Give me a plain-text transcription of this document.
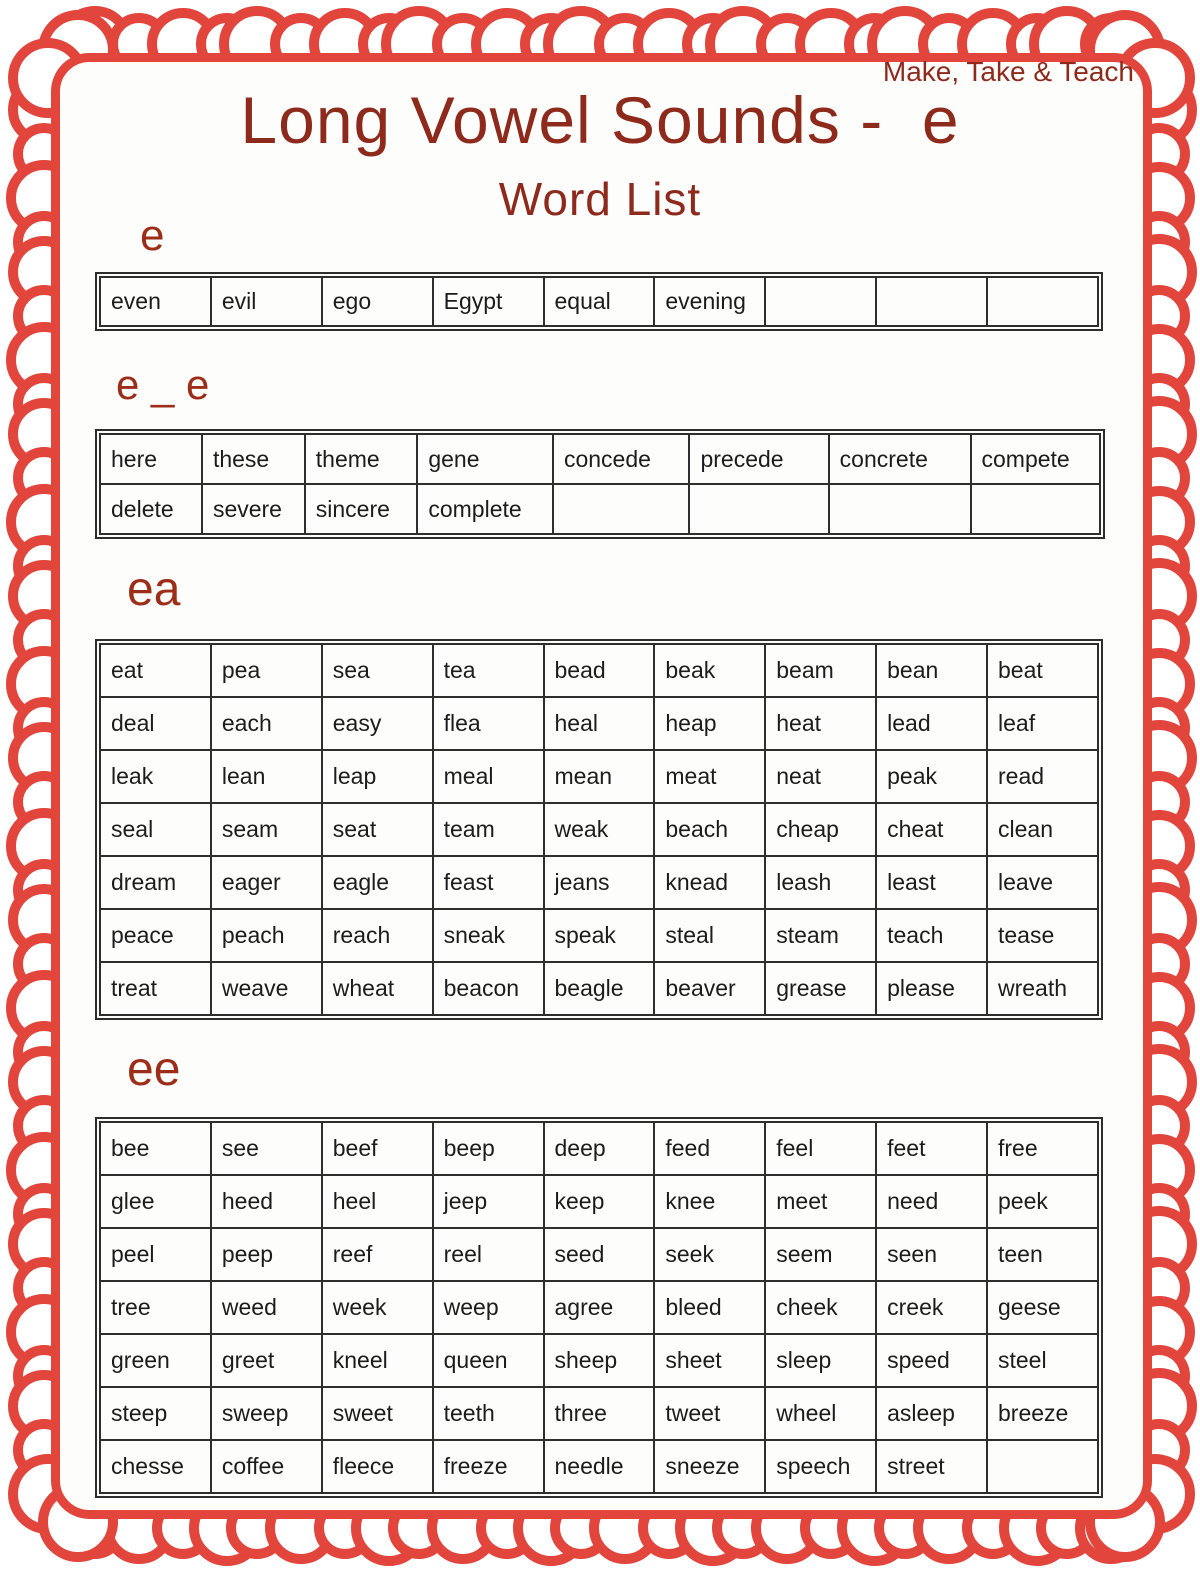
Make, Take & Teach
Long Vowel Sounds -  e
Word List
e
even	evil	ego	Egypt	equal	evening			
e _ e
here	these	theme	gene	concede	precede	concrete	compete
delete	severe	sincere	complete				
ea
eat	pea	sea	tea	bead	beak	beam	bean	beat
deal	each	easy	flea	heal	heap	heat	lead	leaf
leak	lean	leap	meal	mean	meat	neat	peak	read
seal	seam	seat	team	weak	beach	cheap	cheat	clean
dream	eager	eagle	feast	jeans	knead	leash	least	leave
peace	peach	reach	sneak	speak	steal	steam	teach	tease
treat	weave	wheat	beacon	beagle	beaver	grease	please	wreath
ee
bee	see	beef	beep	deep	feed	feel	feet	free
glee	heed	heel	jeep	keep	knee	meet	need	peek
peel	peep	reef	reel	seed	seek	seem	seen	teen
tree	weed	week	weep	agree	bleed	cheek	creek	geese
green	greet	kneel	queen	sheep	sheet	sleep	speed	steel
steep	sweep	sweet	teeth	three	tweet	wheel	asleep	breeze
chesse	coffee	fleece	freeze	needle	sneeze	speech	street	
